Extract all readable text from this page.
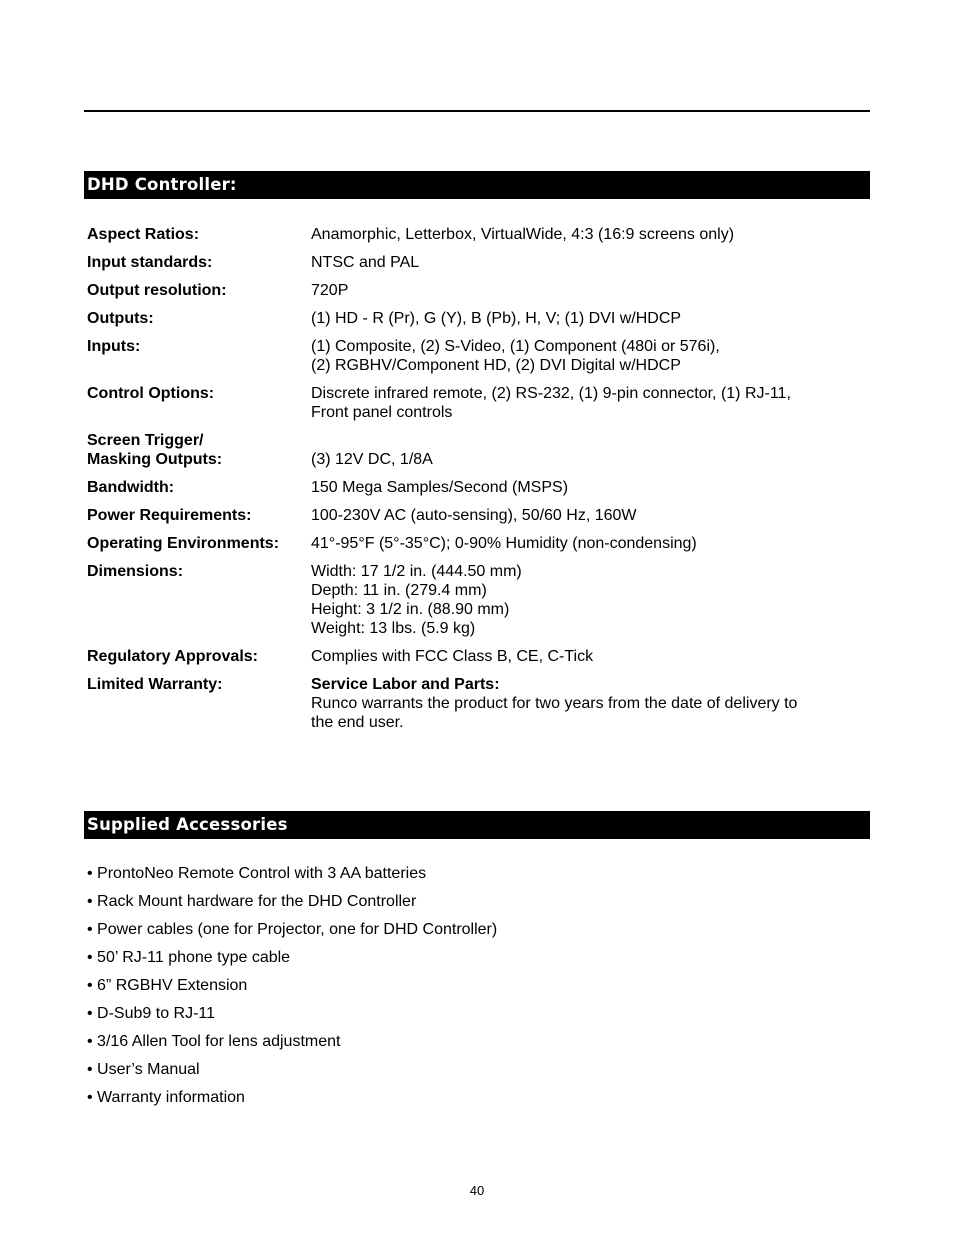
DHD Controller:
Aspect Ratios:	Anamorphic, Letterbox, VirtualWide, 4:3 (16:9 screens only)
Input standards:	NTSC and PAL
Output resolution:	720P
Outputs:	(1) HD - R (Pr), G (Y), B (Pb), H, V; (1) DVI w/HDCP
Inputs:	(1) Composite, (2) S-Video, (1) Component (480i or 576i),
(2) RGBHV/Component HD, (2) DVI Digital w/HDCP
Control Options:	Discrete infrared remote, (2) RS-232, (1) 9-pin connector, (1) RJ-11,
Front panel controls
Screen Trigger/
Masking Outputs:
	(3) 12V DC, 1/8A
Bandwidth:	150 Mega Samples/Second (MSPS)
Power Requirements:	100-230V AC (auto-sensing), 50/60 Hz, 160W
Operating Environments:	41°-95°F (5°-35°C); 0-90% Humidity (non-condensing)
Dimensions:	Width: 17 1/2 in. (444.50 mm)
Depth: 11 in. (279.4 mm)
Height: 3 1/2 in. (88.90 mm)
Weight: 13 lbs. (5.9 kg)
Regulatory Approvals:	Complies with FCC Class B, CE, C-Tick
Limited Warranty:	Service Labor and Parts:
Runco warrants the product for two years from the date of delivery to
the end user.
Supplied Accessories
• ProntoNeo Remote Control with 3 AA batteries
• Rack Mount hardware for the DHD Controller
• Power cables (one for Projector, one for DHD Controller)
• 50’ RJ-11 phone type cable
• 6” RGBHV Extension
• D-Sub9 to RJ-11
• 3/16 Allen Tool for lens adjustment
• User’s Manual
• Warranty information
40
